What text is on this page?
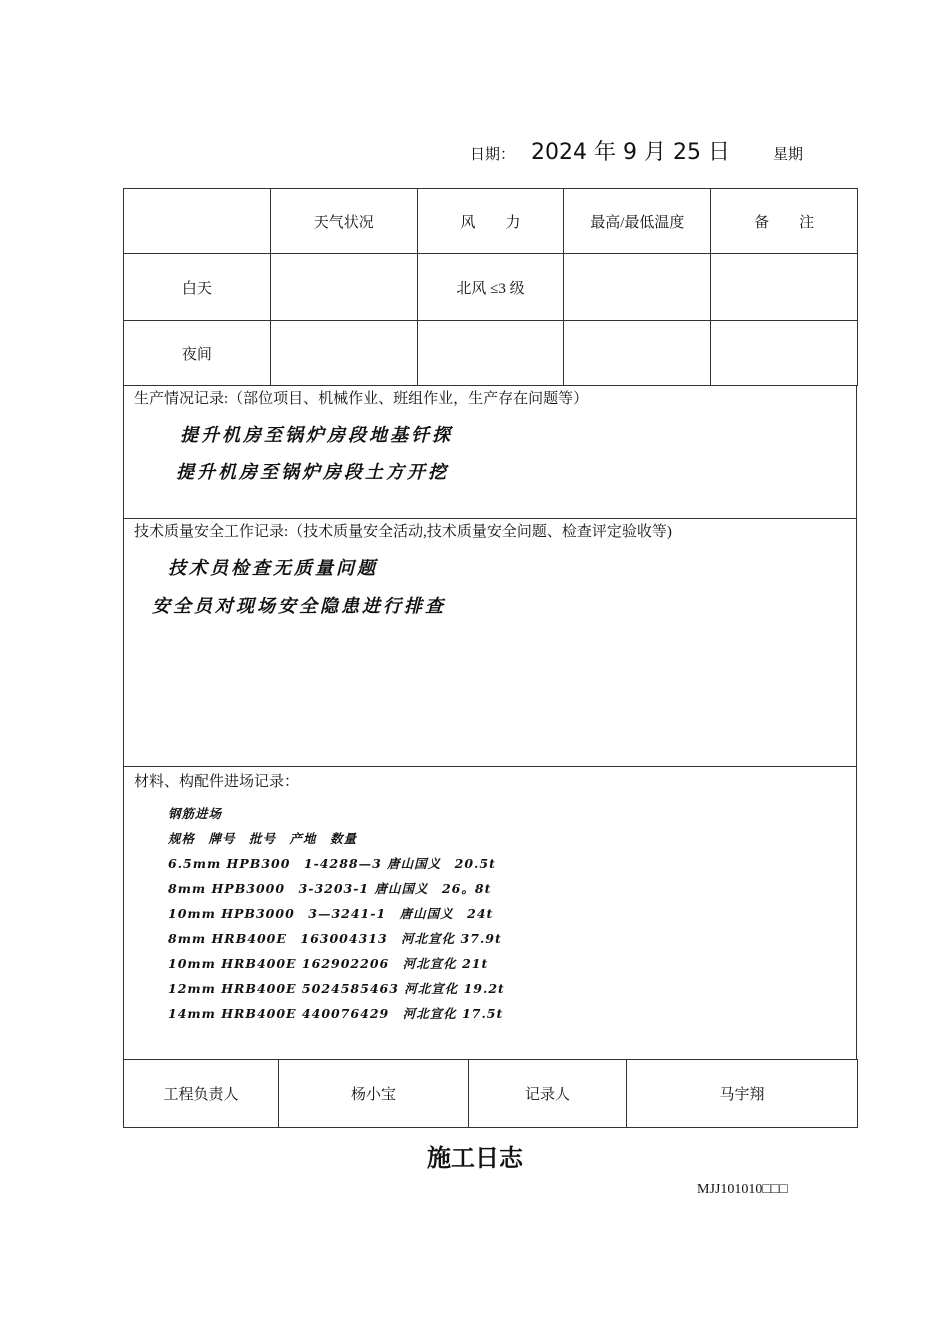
日期： 2024 年 9 月 25 日	星期
	天气状况	风　　力	最高/最低温度	备　　注
白天		北风 ≤3 级		
夜间				
生产情况记录:（部位项目、机械作业、班组作业，生产存在问题等）
提升机房至锅炉房段地基钎探
提升机房至锅炉房段土方开挖
技术质量安全工作记录:（技术质量安全活动,技术质量安全问题、检查评定验收等)
技术员检查无质量问题
安全员对现场安全隐患进行排查
材料、构配件进场记录：
钢筋进场
规格　牌号　批号　产地　数量
6.5mm HPB300　1-4288—3 唐山国义　20.5t
8mm HPB3000　3-3203-1 唐山国义　26。8t
10mm HPB3000　3—3241-1　唐山国义　24t
8mm HRB400E　163004313　河北宣化 37.9t
10mm HRB400E 162902206　河北宣化 21t
12mm HRB400E 5024585463 河北宣化 19.2t
14mm HRB400E 440076429　河北宣化 17.5t
工程负责人	杨小宝	记录人	马宇翔
施工日志
MJJ101010□□□
